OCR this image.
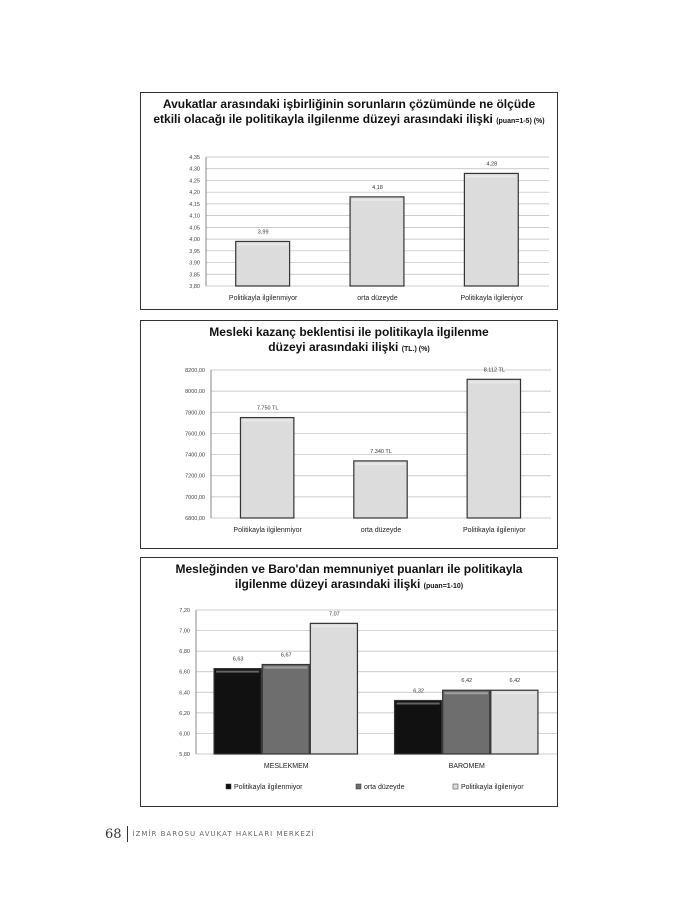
Avukatlar arasındaki işbirliğinin sorunların çözümünde ne ölçüde etkili olacağı ile politikayla ilgilenme düzeyi arasındaki ilişki (puan=1-5) (%)
3,80
3,85
3,90
3,95
4,00
4,05
4,10
4,15
4,20
4,25
4,30
4,35
Politikayla ilgilenmiyor	orta düzeyde	Politikayla ilgileniyor
3,99
4,18
4,28
Mesleki kazanç beklentisi ile politikayla ilgilenme düzeyi arasındaki ilişki (TL.) (%)
6800,00
7000,00
7200,00
7400,00
7600,00
7800,00
8000,00
8200,00
Politikayla ilgilenmiyor	orta düzeyde	Politikayla ilgileniyor
7.750 TL
7.340 TL
8.112 TL
Mesleğinden ve Baro'dan memnuniyet puanları ile politikayla ilgilenme düzeyi arasındaki ilişki (puan=1-10)
5,80
6,00
6,20
6,40
6,60
6,80
7,00
7,20
MESLEKMEM	BAROMEM
6,63
6,32
6,67
6,42
7,07
6,42
Politikayla ilgilenmiyor	orta düzeyde	Politikayla ilgileniyor
68 İZMİR BAROSU AVUKAT HAKLARI MERKEZİ
